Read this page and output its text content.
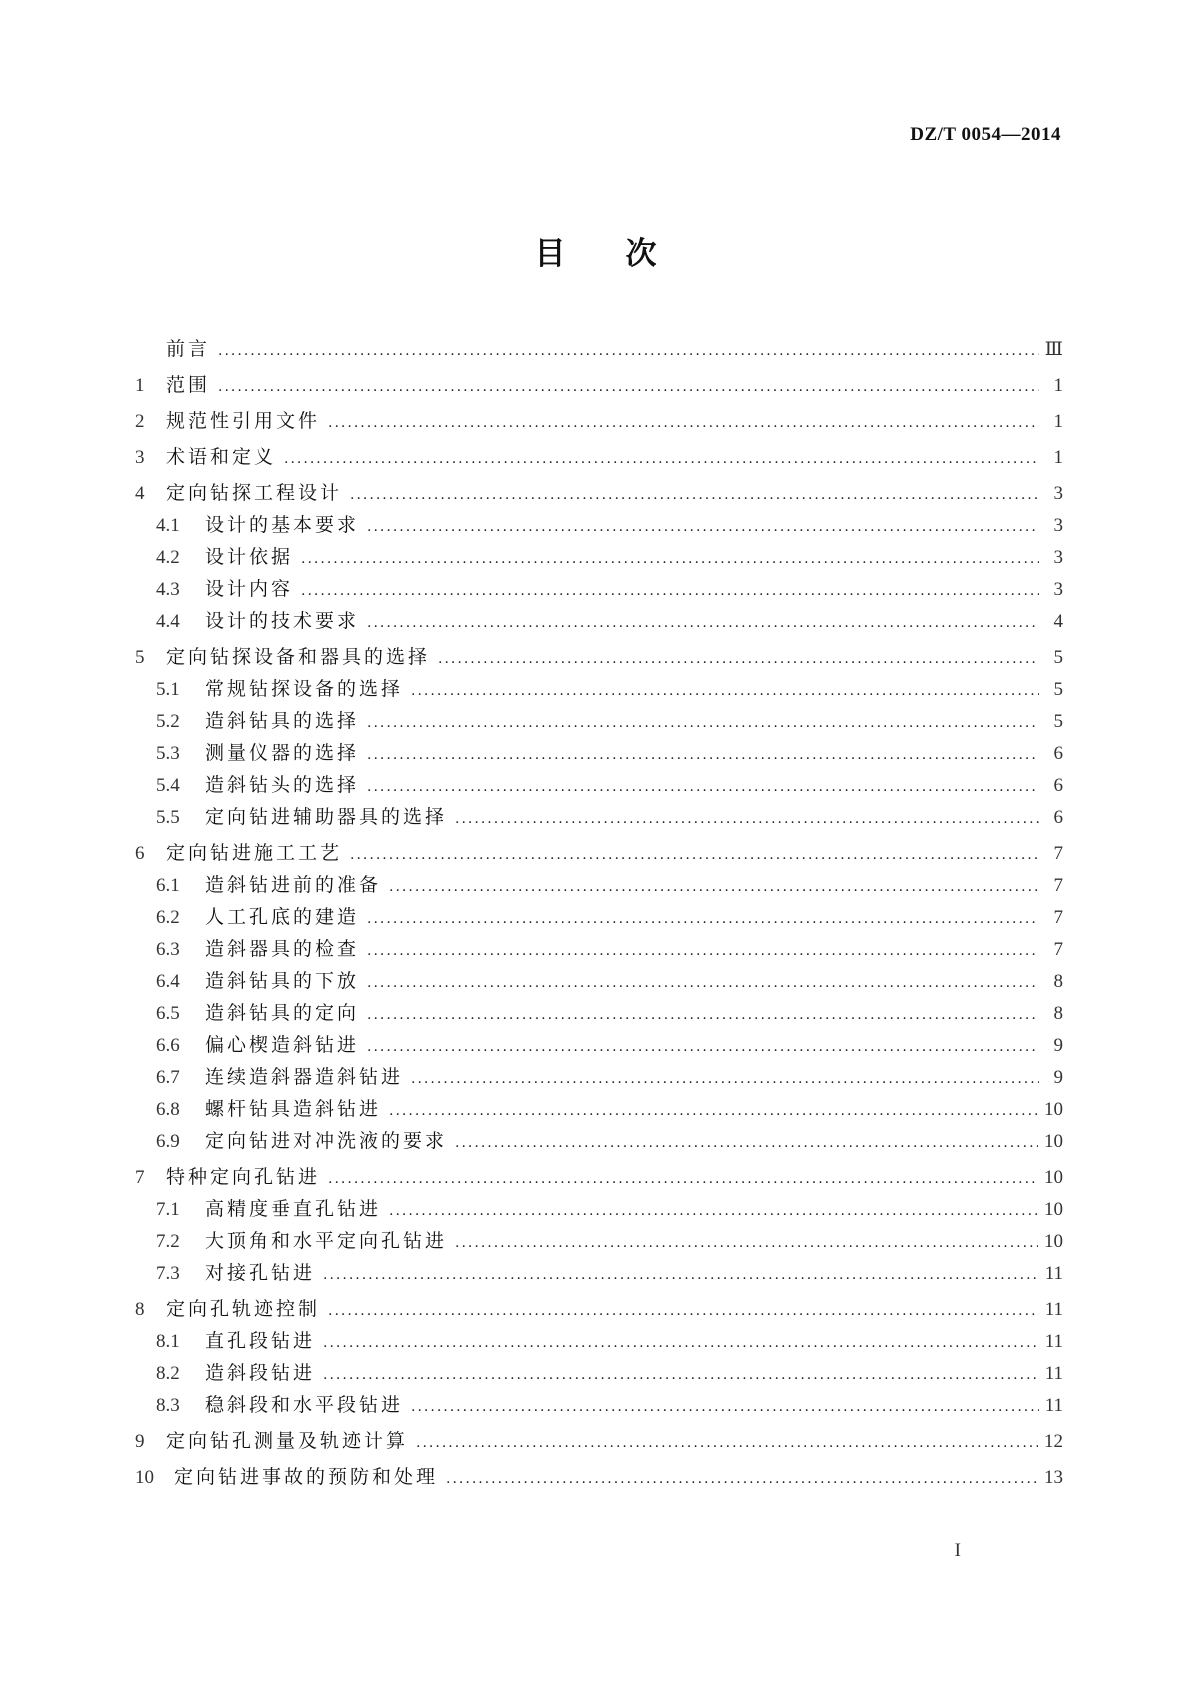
DZ/T 0054—2014
目 次
前言 .....	Ⅲ
1	范围 .....	1
2	规范性引用文件 .....	1
3	术语和定义 .....	1
4	定向钻探工程设计 .....	3
4.1	设计的基本要求 .....	3
4.2	设计依据 .....	3
4.3	设计内容 .....	3
4.4	设计的技术要求 .....	4
5	定向钻探设备和器具的选择 .....	5
5.1	常规钻探设备的选择 .....	5
5.2	造斜钻具的选择 .....	5
5.3	测量仪器的选择 .....	6
5.4	造斜钻头的选择 .....	6
5.5	定向钻进辅助器具的选择 .....	6
6	定向钻进施工工艺 .....	7
6.1	造斜钻进前的准备 .....	7
6.2	人工孔底的建造 .....	7
6.3	造斜器具的检查 .....	7
6.4	造斜钻具的下放 .....	8
6.5	造斜钻具的定向 .....	8
6.6	偏心楔造斜钻进 .....	9
6.7	连续造斜器造斜钻进 .....	9
6.8	螺杆钻具造斜钻进 .....	10
6.9	定向钻进对冲洗液的要求 .....	10
7	特种定向孔钻进 .....	10
7.1	高精度垂直孔钻进 .....	10
7.2	大顶角和水平定向孔钻进 .....	10
7.3	对接孔钻进 .....	11
8	定向孔轨迹控制 .....	11
8.1	直孔段钻进 .....	11
8.2	造斜段钻进 .....	11
8.3	稳斜段和水平段钻进 .....	11
9	定向钻孔测量及轨迹计算 .....	12
10	定向钻进事故的预防和处理 .....	13
I
